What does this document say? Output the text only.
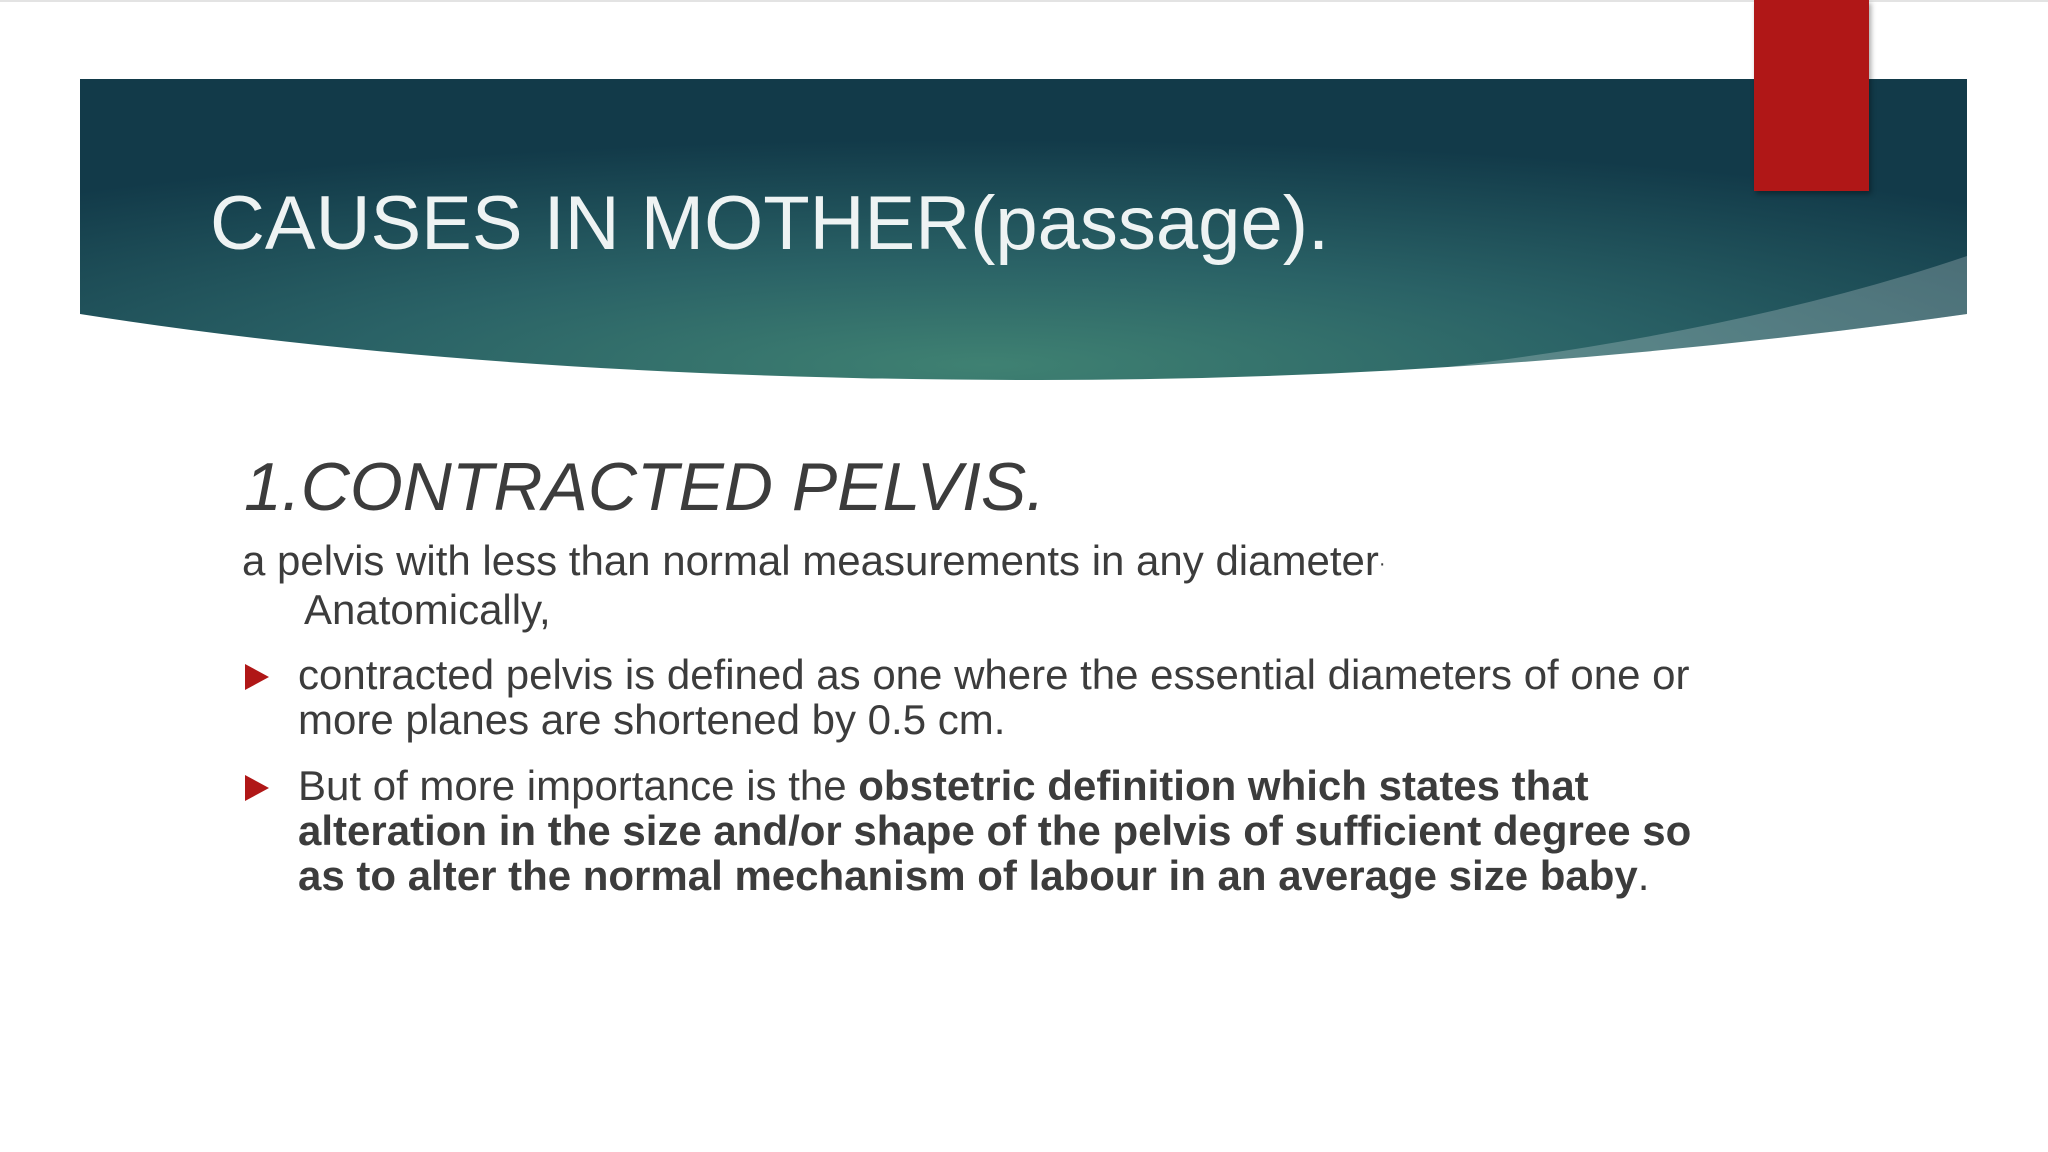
CAUSES IN MOTHER(passage).
1.CONTRACTED PELVIS.
a pelvis with less than normal measurements in any diameter·
Anatomically,
contracted pelvis is defined as one where the essential diameters of one or more planes are shortened by 0.5 cm.
But of more importance is the obstetric definition which states that alteration in the size and/or shape of the pelvis of sufficient degree so as to alter the normal mechanism of labour in an average size baby.
